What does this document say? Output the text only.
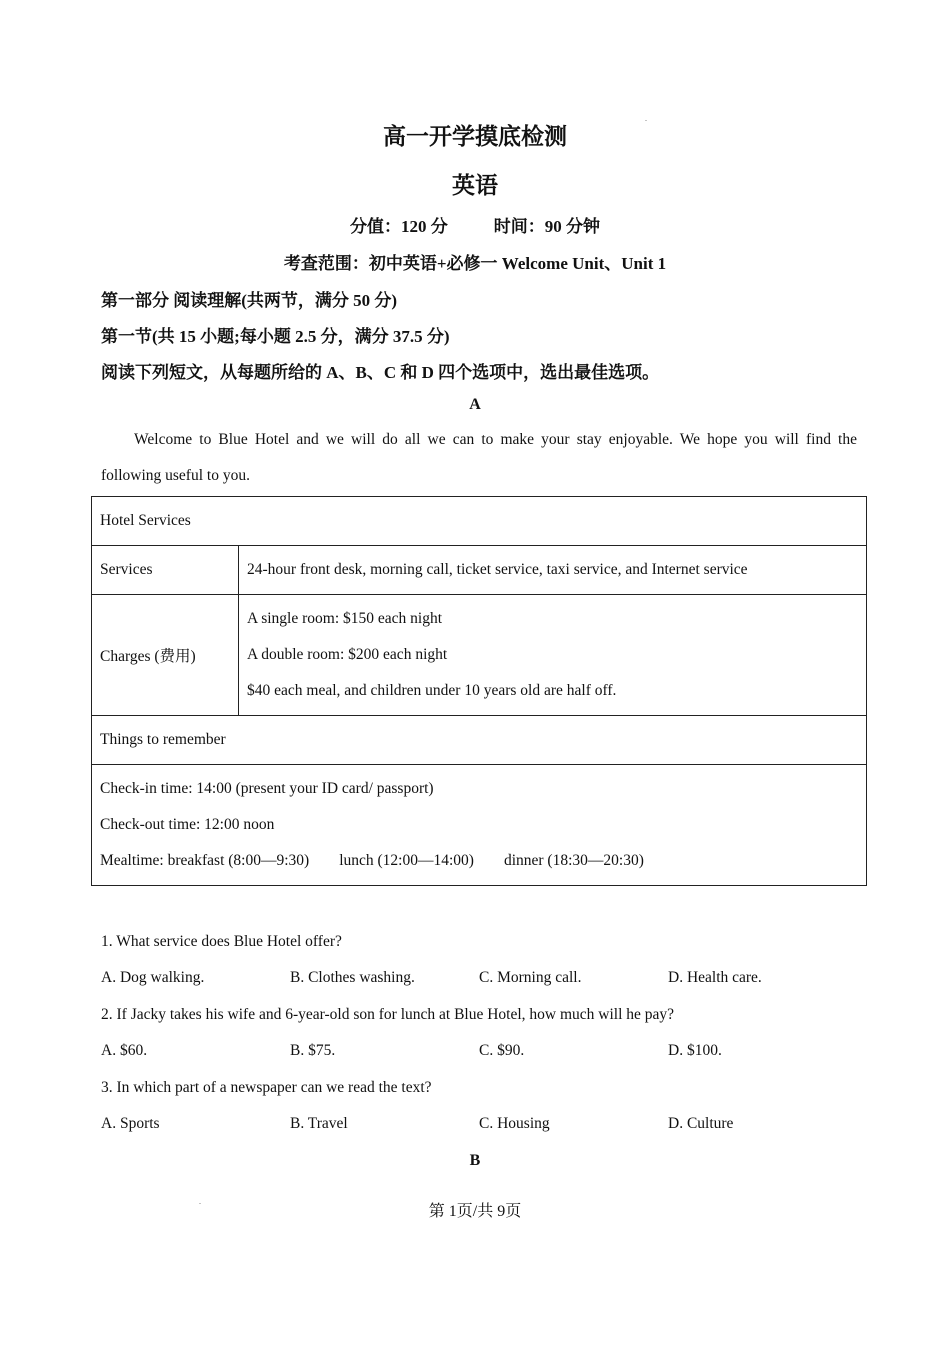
高一开学摸底检测
.
英语
分值：120 分	时间：90 分钟
考查范围：初中英语+必修一 Welcome Unit、Unit 1
第一部分 阅读理解(共两节，满分 50 分)
第一节(共 15 小题;每小题 2.5 分，满分 37.5 分)
阅读下列短文，从每题所给的 A、B、C 和 D 四个选项中，选出最佳选项。
A
Welcome to Blue Hotel and we will do all we can to make your stay enjoyable. We hope you will find the
following useful to you.
Hotel Services	
Services	24-hour front desk, morning call, ticket service, taxi service, and Internet service
Charges (费用)	A single room: $150 each night
A double room: $200 each night
$40 each meal, and children under 10 years old are half off.

Things to remember	

Check-in time: 14:00 (present your ID card/ passport)
Check-out time: 12:00 noon
Mealtime: breakfast (8:00—9:30) lunch (12:00—14:00) dinner (18:30—20:30)	
1. What service does Blue Hotel offer?
A. Dog walking.	B. Clothes washing.	C. Morning call.	D. Health care.
2. If Jacky takes his wife and 6-year-old son for lunch at Blue Hotel, how much will he pay?
A. $60.	B. $75.	C. $90.	D. $100.
3. In which part of a newspaper can we read the text?
A. Sports	B. Travel	C. Housing	D. Culture
B
.
第 1页/共 9页
